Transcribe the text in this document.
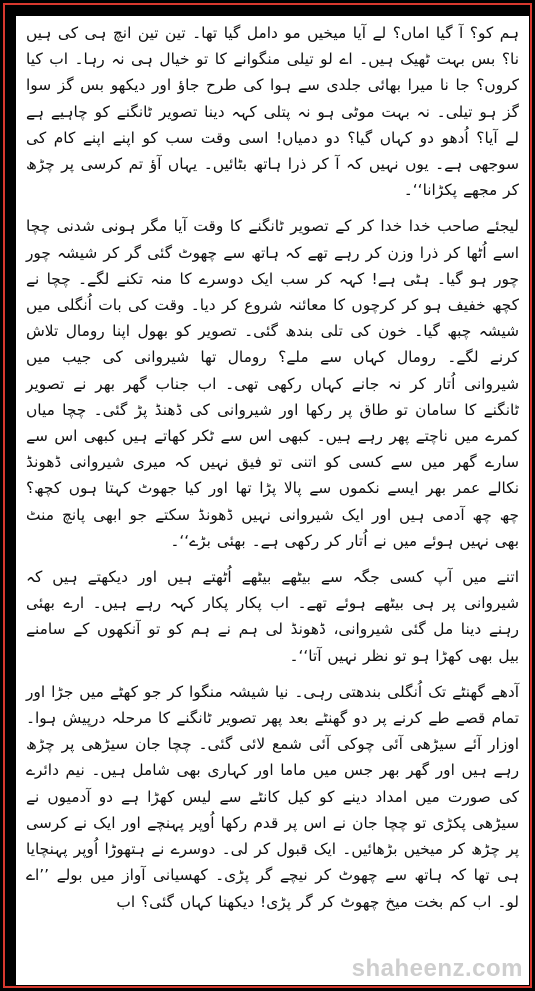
ہم کو؟ آ گیا اماں؟ لے آیا میخیں مو دامل گیا تھا۔ تین تین انچ ہی کی ہیں نا؟ بس بہت ٹھیک ہیں۔ اے لو تیلی منگوانے کا تو خیال ہی نہ رہا۔ اب کیا کروں؟ جا نا میرا بھائی جلدی سے ہوا کی طرح جاؤ اور دیکھو بس گز سوا گز ہو تیلی۔ نہ بہت موٹی ہو نہ پتلی کہہ دینا تصویر ٹانگنے کو چاہیے ہے لے آیا؟ اُدھو دو کہاں گیا؟ دو دمیاں! اسی وقت سب کو اپنے اپنے کام کی سوجھی ہے۔ یوں نہیں کہ آ کر ذرا ہاتھ بٹائیں۔ یہاں آؤ تم کرسی پر چڑھ کر مجھے پکڑانا‘‘۔

لیجئے صاحب خدا خدا کر کے تصویر ٹانگنے کا وقت آیا مگر ہونی شدنی چچا اسے اُٹھا کر ذرا وزن کر رہے تھے کہ ہاتھ سے چھوٹ گئی گر کر شیشہ چور چور ہو گیا۔ ہٹی ہے! کہہ کر سب ایک دوسرے کا منہ تکنے لگے۔ چچا نے کچھ خفیف ہو کر کرچوں کا معائنہ شروع کر دیا۔ وقت کی بات اُنگلی میں شیشہ چبھ گیا۔ خون کی تلی بندھ گئی۔ تصویر کو بھول اپنا رومال تلاش کرنے لگے۔ رومال کہاں سے ملے؟ رومال تھا شیروانی کی جیب میں شیروانی اُتار کر نہ جانے کہاں رکھی تھی۔ اب جناب گھر بھر نے تصویر ٹانگنے کا سامان تو طاق پر رکھا اور شیروانی کی ڈھنڈ پڑ گئی۔ چچا میاں کمرے میں ناچتے پھر رہے ہیں۔ کبھی اس سے ٹکر کھاتے ہیں کبھی اس سے سارے گھر میں سے کسی کو اتنی تو فیق نہیں کہ میری شیروانی ڈھونڈ نکالے عمر بھر ایسے نکموں سے پالا پڑا تھا اور کیا جھوٹ کہتا ہوں کچھ؟ چھ چھ آدمی ہیں اور ایک شیروانی نہیں ڈھونڈ سکتے جو ابھی پانچ منٹ بھی نہیں ہوئے میں نے اُتار کر رکھی ہے۔ بھئی بڑے‘‘۔

اتنے میں آپ کسی جگہ سے بیٹھے بیٹھے اُٹھتے ہیں اور دیکھتے ہیں کہ شیروانی پر ہی بیٹھے ہوئے تھے۔ اب پکار پکار کہہ رہے ہیں۔ ارے بھئی رہنے دینا مل گئی شیروانی، ڈھونڈ لی ہم نے ہم کو تو آنکھوں کے سامنے بیل بھی کھڑا ہو تو نظر نہیں آتا‘‘۔

آدھے گھنٹے تک اُنگلی بندھتی رہی۔ نیا شیشہ منگوا کر جو کھٹے میں جڑا اور تمام قصے طے کرنے پر دو گھنٹے بعد پھر تصویر ٹانگنے کا مرحلہ درپیش ہوا۔ اوزار آئے سیڑھی آئی چوکی آئی شمع لائی گئی۔ چچا جان سیڑھی پر چڑھ رہے ہیں اور گھر بھر جس میں ماما اور کہاری بھی شامل ہیں۔ نیم دائرے کی صورت میں امداد دینے کو کیل کانٹے سے لیس کھڑا ہے دو آدمیوں نے سیڑھی پکڑی تو چچا جان نے اس پر قدم رکھا اُوپر پہنچے اور ایک نے کرسی پر چڑھ کر میخیں بڑھائیں۔ ایک قبول کر لی۔ دوسرے نے ہتھوڑا اُوپر پہنچایا ہی تھا کہ ہاتھ سے چھوٹ کر نیچے گر پڑی۔ کھسیانی آواز میں بولے ’’اے لو۔ اب کم بخت میخ چھوٹ کر گر پڑی! دیکھنا کہاں گئی؟ اب

shaheenz.com
